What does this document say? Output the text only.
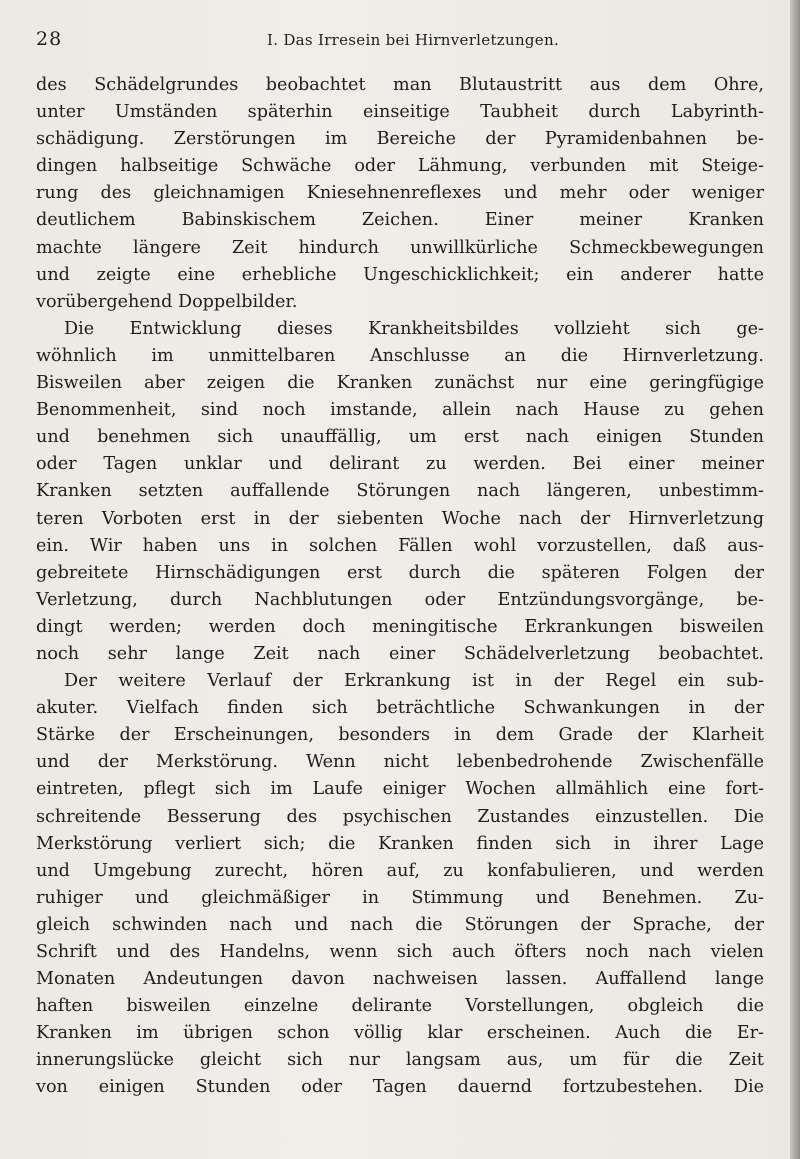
28	I. Das Irresein bei Hirnverletzungen.
des Schädelgrundes beobachtet man Blutaustritt aus dem Ohre,
unter Umständen späterhin einseitige Taubheit durch Labyrinth-
schädigung. Zerstörungen im Bereiche der Pyramidenbahnen be-
dingen halbseitige Schwäche oder Lähmung, verbunden mit Steige-
rung des gleichnamigen Kniesehnenreflexes und mehr oder weniger
deutlichem Babinskischem Zeichen. Einer meiner Kranken
machte längere Zeit hindurch unwillkürliche Schmeckbewegungen
und zeigte eine erhebliche Ungeschicklichkeit; ein anderer hatte
vorübergehend Doppelbilder.
Die Entwicklung dieses Krankheitsbildes vollzieht sich ge-
wöhnlich im unmittelbaren Anschlusse an die Hirnverletzung.
Bisweilen aber zeigen die Kranken zunächst nur eine geringfügige
Benommenheit, sind noch imstande, allein nach Hause zu gehen
und benehmen sich unauffällig, um erst nach einigen Stunden
oder Tagen unklar und delirant zu werden. Bei einer meiner
Kranken setzten auffallende Störungen nach längeren, unbestimm-
teren Vorboten erst in der siebenten Woche nach der Hirnverletzung
ein. Wir haben uns in solchen Fällen wohl vorzustellen, daß aus-
gebreitete Hirnschädigungen erst durch die späteren Folgen der
Verletzung, durch Nachblutungen oder Entzündungsvorgänge, be-
dingt werden; werden doch meningitische Erkrankungen bisweilen
noch sehr lange Zeit nach einer Schädelverletzung beobachtet.
Der weitere Verlauf der Erkrankung ist in der Regel ein sub-
akuter. Vielfach finden sich beträchtliche Schwankungen in der
Stärke der Erscheinungen, besonders in dem Grade der Klarheit
und der Merkstörung. Wenn nicht lebenbedrohende Zwischenfälle
eintreten, pflegt sich im Laufe einiger Wochen allmählich eine fort-
schreitende Besserung des psychischen Zustandes einzustellen. Die
Merkstörung verliert sich; die Kranken finden sich in ihrer Lage
und Umgebung zurecht, hören auf, zu konfabulieren, und werden
ruhiger und gleichmäßiger in Stimmung und Benehmen. Zu-
gleich schwinden nach und nach die Störungen der Sprache, der
Schrift und des Handelns, wenn sich auch öfters noch nach vielen
Monaten Andeutungen davon nachweisen lassen. Auffallend lange
haften bisweilen einzelne delirante Vorstellungen, obgleich die
Kranken im übrigen schon völlig klar erscheinen. Auch die Er-
innerungslücke gleicht sich nur langsam aus, um für die Zeit
von einigen Stunden oder Tagen dauernd fortzubestehen. Die
